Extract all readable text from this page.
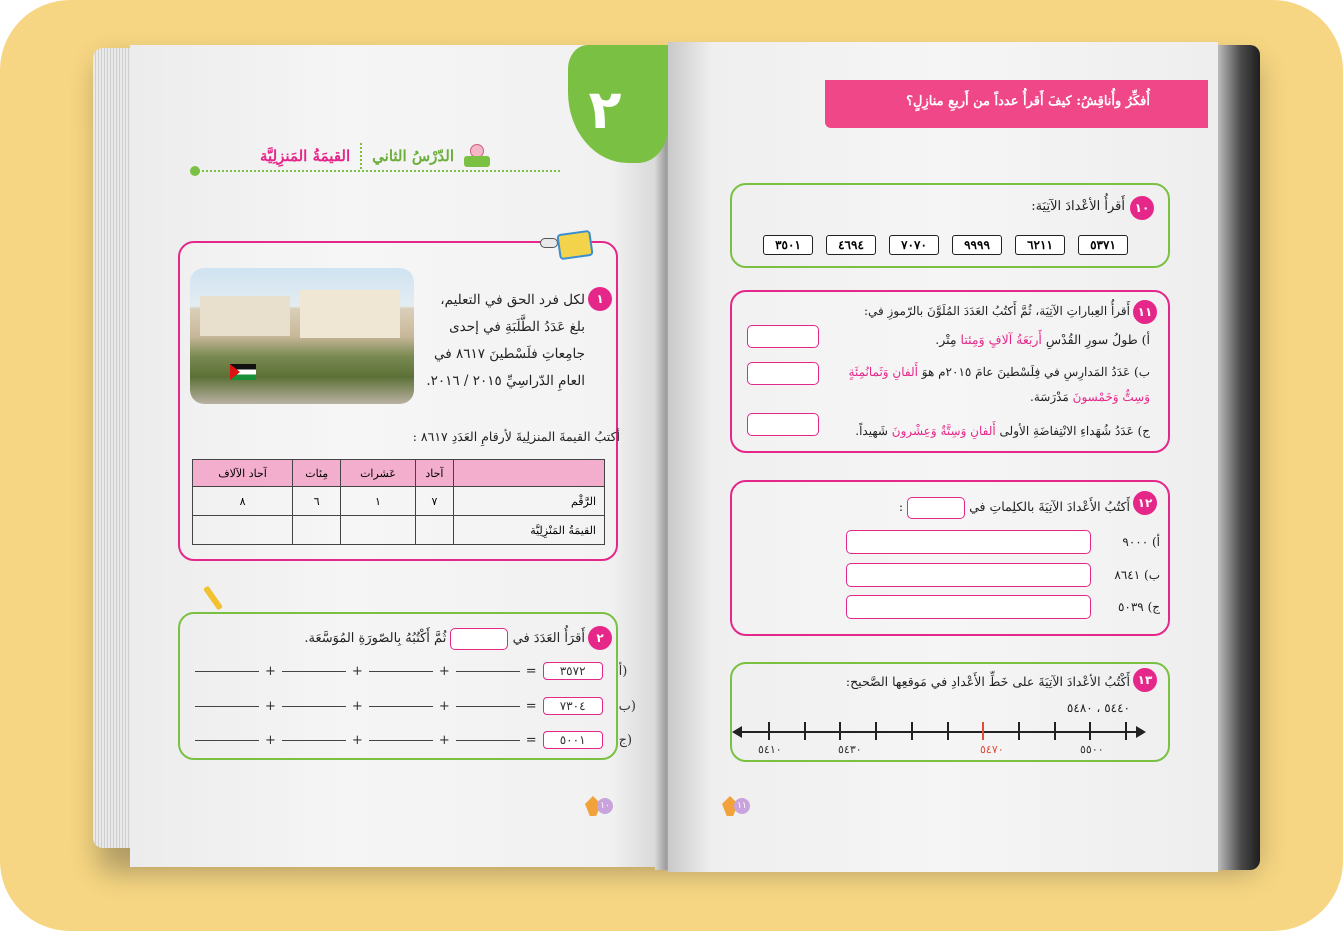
٢
الدّرْسُ الثاني
القيمَةُ المَنزِلِيَّة
١
لكل فرد الحق في التعليم،
بلغ عَدَدُ الطَّلَبَةِ في إحدى
جامِعاتِ فلَسْطينَ ٨٦١٧ في
العامِ الدّراسِيِّ ٢٠١٥ / ٢٠١٦.
أكتبُ القيمةَ المنزلِيةَ لأرقامِ العَدَدِ ٨٦١٧ :
	آحاد	عَشرات	مِئات	آحاد الآلاف
الرَّقْم	٧	١	٦	٨
القيمَةُ المَنْزِلِيَّة				
٢
أَقرَأُ العَدَدَ في  ثُمَّ أَكْتُبُهُ بِالصّورَةِ المُوَسَّعَة.
+	+	+	=	٣٥٧٢	أ)
+	+	+	=	٧٣٠٤	ب)
+	+	+	=	٥٠٠١	ج)
١٠
أُفكِّرُ وأُناقِشُ: كيفَ أَقرأُ عدداً من أَربعِ منازِلٍ؟
١٠
أَقرأُ الأعْدادَ الآتِيَة:
٥٣٧١
٦٢١١
٩٩٩٩
٧٠٧٠
٤٦٩٤
٣٥٠١
١١
أَقرأُ العِباراتِ الآتِيَة، ثُمَّ أَكتُبُ العَدَدَ المُلَوَّنَ بالرّموزِ في:
أ) طولُ سورِ القُدْسِ أَربَعَةُ آلافٍ وَمِئتا مِتْر.
ب) عَدَدُ المَدارِسِ في فِلَسْطينَ عامَ ٢٠١٥م هوَ أَلفانِ وَثَمانُمِئَةٍ وَسِتٌّ وَخَمْسونَ مَدْرَسَة.
ج) عَدَدُ شُهَداءِ الانْتِفاضَةِ الأولى أَلفانِ وَسِتَّةٌ وَعِشْرونَ شَهيداً.
١٢
أَكتُبُ الأَعْدادَ الآتِيَةَ بالكلِماتِ في  :
أ) ٩٠٠٠
ب) ٨٦٤١
ج) ٥٠٣٩
١٣
أَكْتُبُ الأعْدادَ الآتِيَةَ على خَطِّ الأَعْدادِ في مَوقعِها الصَّحيح:
٥٤٤٠ ، ٥٤٨٠
٥٤١٠	٥٤٣٠	٥٤٧٠	٥٥٠٠
١١
